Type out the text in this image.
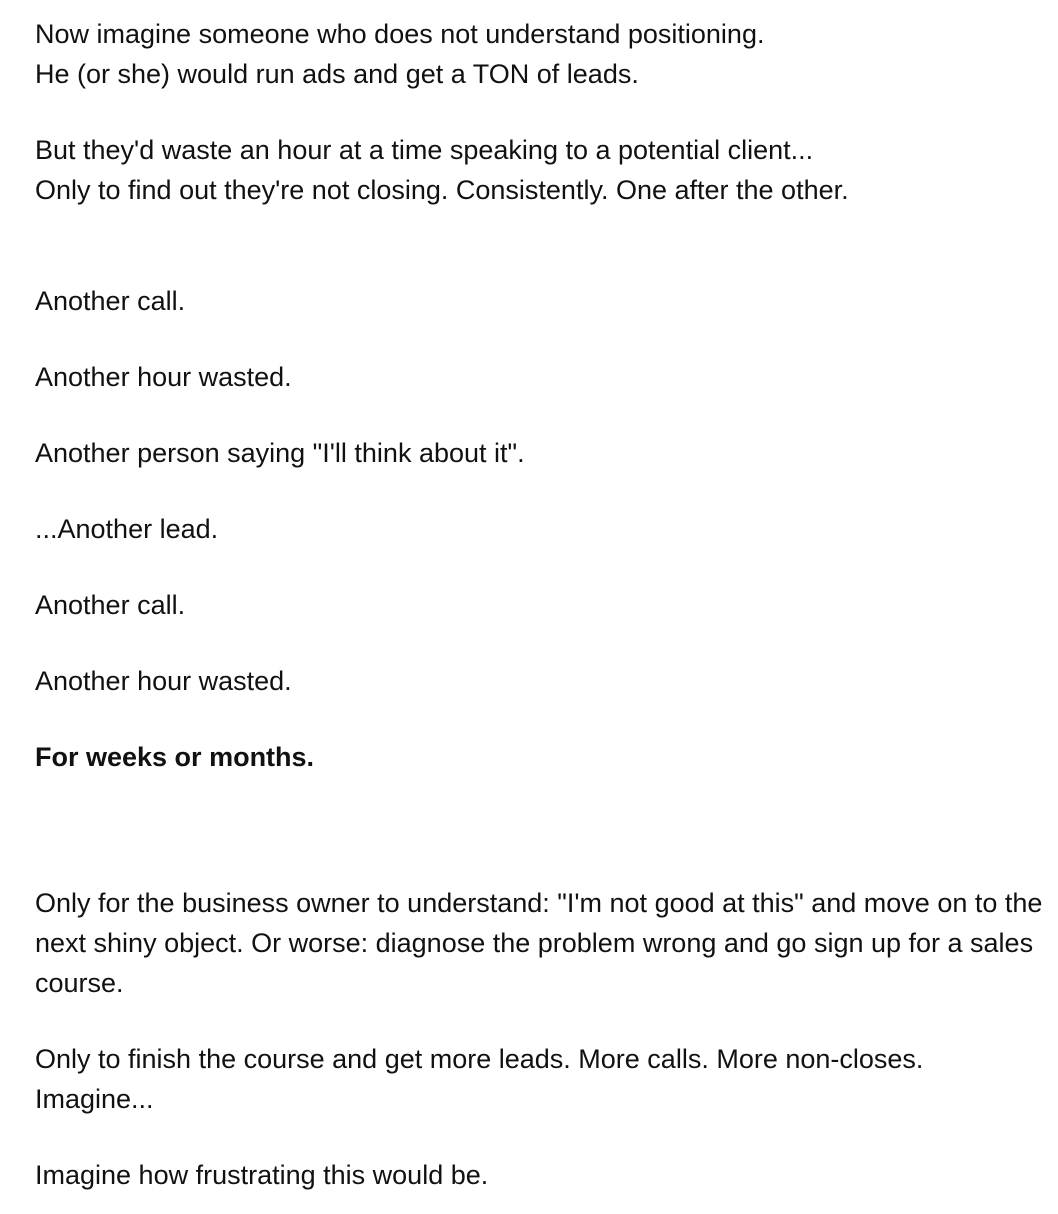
Now imagine someone who does not understand positioning.
He (or she) would run ads and get a TON of leads.

But they'd waste an hour at a time speaking to a potential client...
Only to find out they're not closing. Consistently. One after the other.

Another call.

Another hour wasted.

Another person saying "I'll think about it".

...Another lead.

Another call.

Another hour wasted.

For weeks or months.

Only for the business owner to understand: "I'm not good at this" and move on to the next shiny object. Or worse: diagnose the problem wrong and go sign up for a sales course.

Only to finish the course and get more leads. More calls. More non-closes.
Imagine...

Imagine how frustrating this would be.
